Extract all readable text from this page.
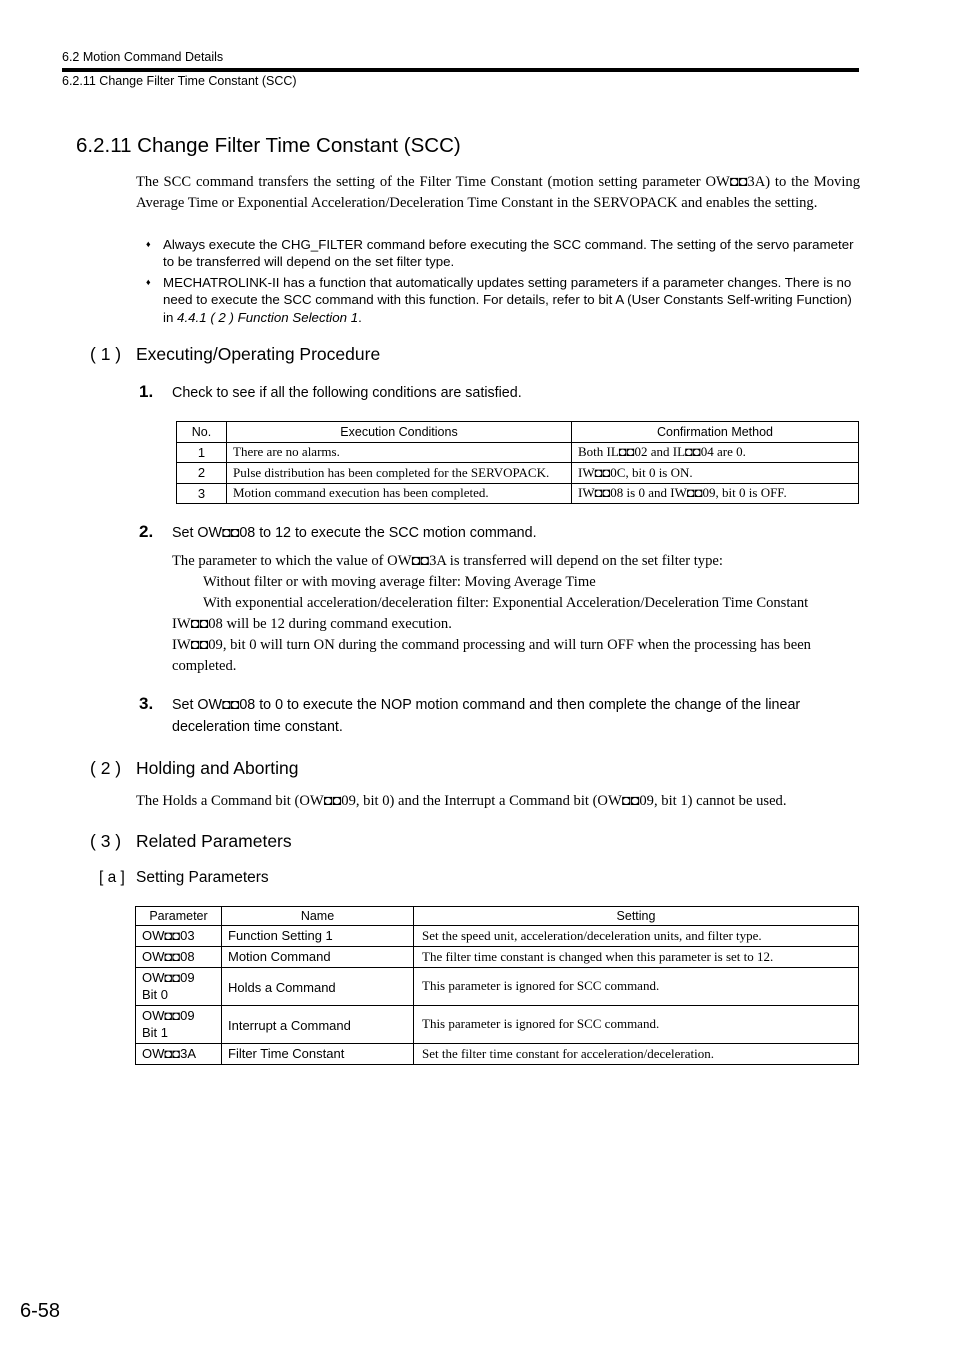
6.2 Motion Command Details
6.2.11 Change Filter Time Constant (SCC)
6.2.11 Change Filter Time Constant (SCC)
The SCC command transfers the setting of the Filter Time Constant (motion setting parameter OW◘◘3A) to the Moving Average Time or Exponential Acceleration/Deceleration Time Constant in the SERVOPACK and enables the setting.
♦ Always execute the CHG_FILTER command before executing the SCC command. The setting of the servo parameter to be transferred will depend on the set filter type.
♦ MECHATROLINK-II has a function that automatically updates setting parameters if a parameter changes. There is no need to execute the SCC command with this function. For details, refer to bit A (User Constants Self-writing Function) in 4.4.1 ( 2 ) Function Selection 1.
( 1 ) Executing/Operating Procedure
1. Check to see if all the following conditions are satisfied.
No.	Execution Conditions	Confirmation Method
1	There are no alarms.	Both IL◘◘02 and IL◘◘04 are 0.
2	Pulse distribution has been completed for the SERVOPACK.	IW◘◘0C, bit 0 is ON.
3	Motion command execution has been completed.	IW◘◘08 is 0 and IW◘◘09, bit 0 is OFF.
2. Set OW◘◘08 to 12 to execute the SCC motion command.
The parameter to which the value of OW◘◘3A is transferred will depend on the set filter type:
Without filter or with moving average filter: Moving Average Time
With exponential acceleration/deceleration filter: Exponential Acceleration/Deceleration Time Constant
IW◘◘08 will be 12 during command execution.
IW◘◘09, bit 0 will turn ON during the command processing and will turn OFF when the processing has been completed.
3. Set OW◘◘08 to 0 to execute the NOP motion command and then complete the change of the linear deceleration time constant.
( 2 ) Holding and Aborting
The Holds a Command bit (OW◘◘09, bit 0) and the Interrupt a Command bit (OW◘◘09, bit 1) cannot be used.
( 3 ) Related Parameters
[ a ] Setting Parameters
Parameter	Name	Setting
OW◘◘03	Function Setting 1	Set the speed unit, acceleration/deceleration units, and filter type.
OW◘◘08	Motion Command	The filter time constant is changed when this parameter is set to 12.

OW◘◘09
Bit 0	Holds a Command	This parameter is ignored for SCC command.

OW◘◘09
Bit 1	Interrupt a Command	This parameter is ignored for SCC command.
OW◘◘3A	Filter Time Constant	Set the filter time constant for acceleration/deceleration.
6-58
